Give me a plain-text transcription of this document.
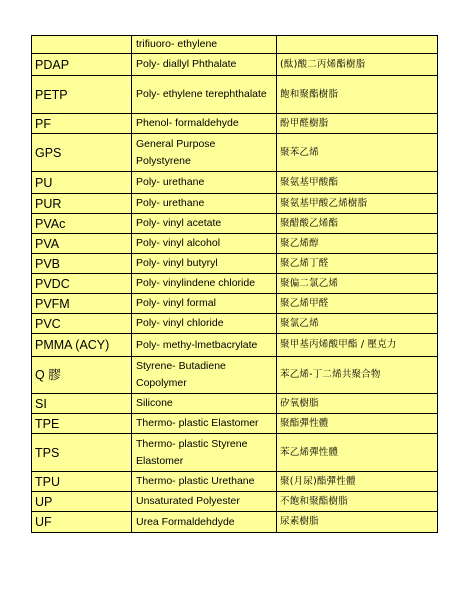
	trifiuoro- ethylene	
PDAP	Poly- diallyl Phthalate	(酞)酸二丙烯酯樹脂
PETP	Poly- ethylene terephthalate	飽和聚酯樹脂
PF	Phenol- formaldehyde	酚甲醛樹脂
GPS	General Purpose Polystyrene	聚苯乙烯
PU	Poly- urethane	聚氨基甲酸酯
PUR	Poly- urethane	聚氨基甲酸乙烯樹脂
PVAc	Poly- vinyl acetate	聚醋酸乙烯酯
PVA	Poly- vinyl alcohol	聚乙烯醇
PVB	Poly- vinyl butyryl	聚乙烯丁醛
PVDC	Poly- vinylindene chloride	聚偏二氯乙烯
PVFM	Poly- vinyl formal	聚乙烯甲醛
PVC	Poly- vinyl chloride	聚氯乙烯
PMMA (ACY)	Poly- methy-lmetbacrylate	聚甲基丙烯酸甲酯 / 壓克力
Q 膠	Styrene- Butadiene Copolymer	苯乙烯-丁二烯共聚合物
SI	Silicone	矽氧樹脂
TPE	Thermo- plastic Elastomer	聚酯彈性體
TPS	Thermo- plastic Styrene Elastomer	苯乙烯彈性體
TPU	Thermo- plastic Urethane	聚(月尿)酯彈性體
UP	Unsaturated Polyester	不飽和聚酯樹脂
UF	Urea Formaldehdyde	尿素樹脂
